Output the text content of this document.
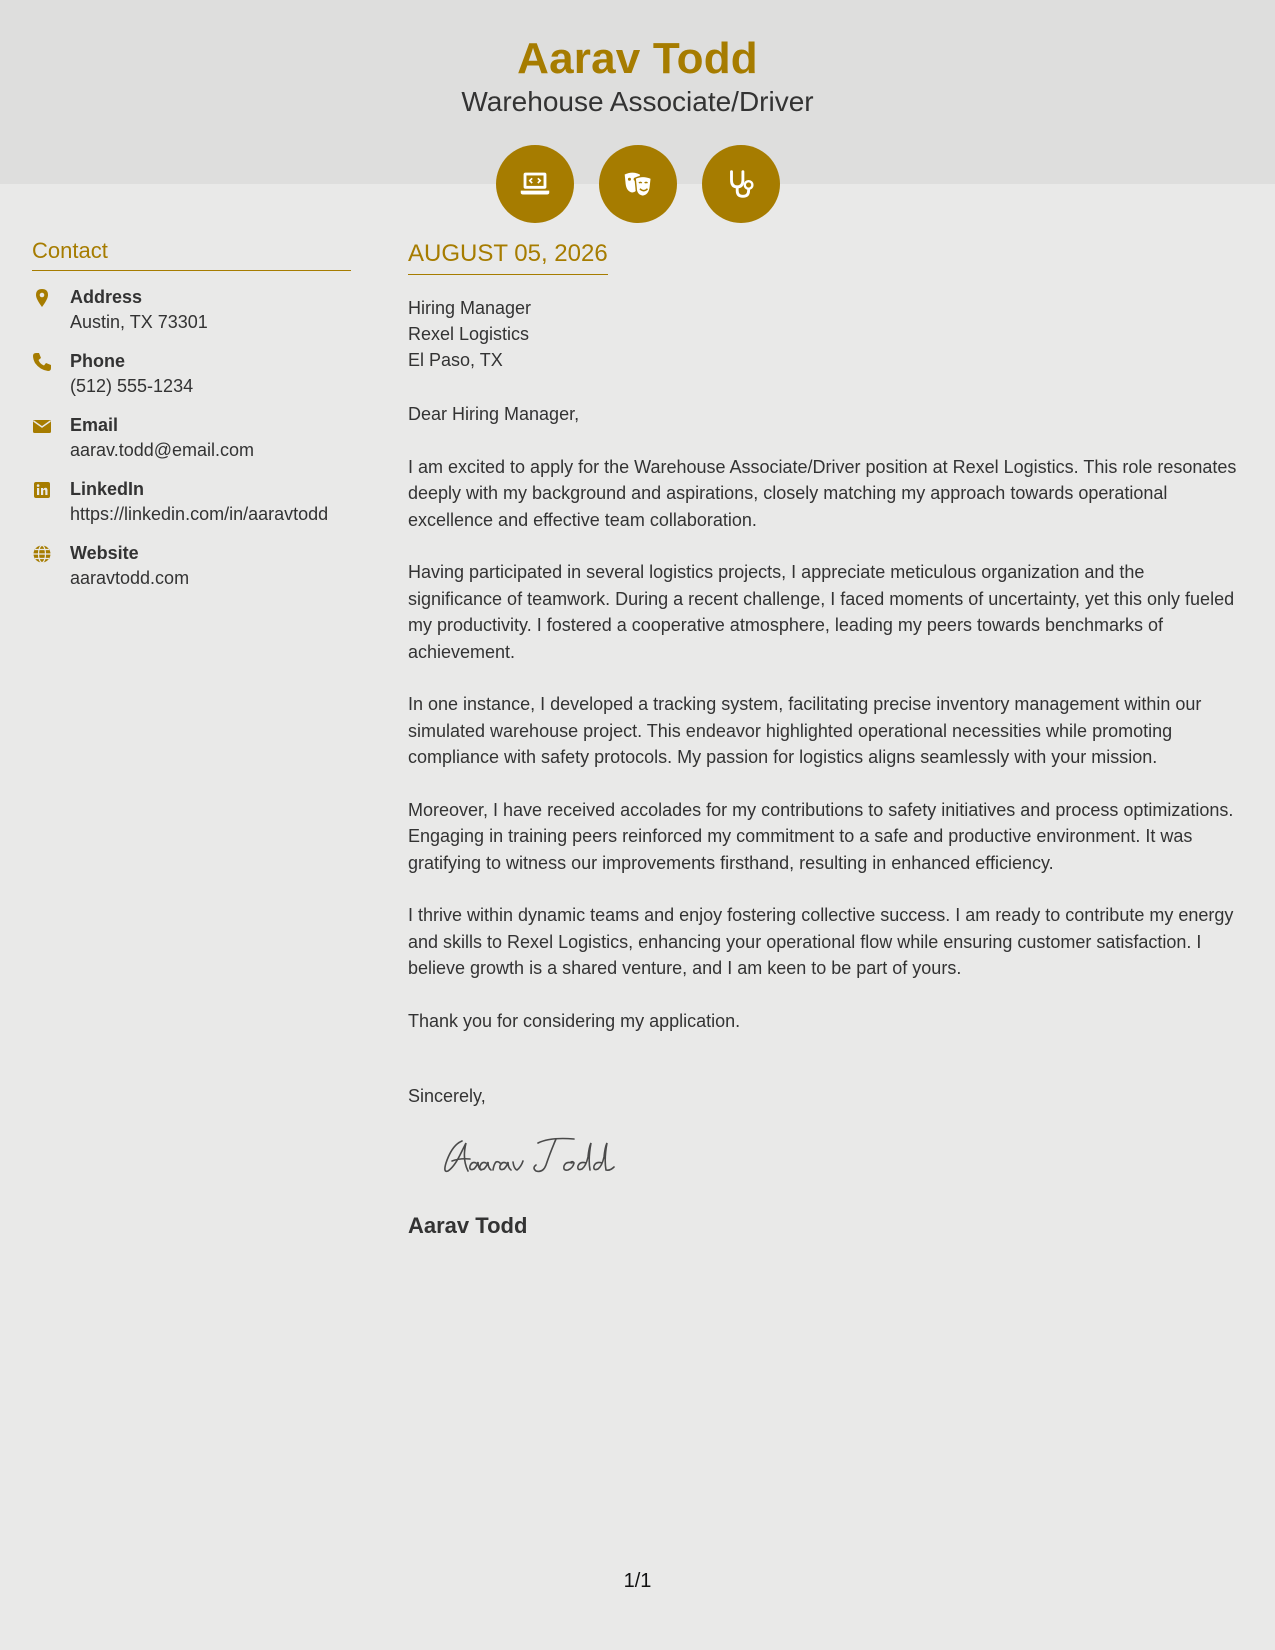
Aarav Todd
Warehouse Associate/Driver
Contact
Address
Austin, TX 73301
Phone
(512) 555-1234
Email
aarav.todd@email.com
LinkedIn
https://linkedin.com/in/aaravtodd
Website
aaravtodd.com
AUGUST 05, 2026

Hiring Manager

Rexel Logistics

El Paso, TX

Dear Hiring Manager,

I am excited to apply for the Warehouse Associate/Driver position at Rexel Logistics. This role resonates deeply with my background and aspirations, closely matching my approach towards operational excellence and effective team collaboration.

Having participated in several logistics projects, I appreciate meticulous organization and the significance of teamwork. During a recent challenge, I faced moments of uncertainty, yet this only fueled my productivity. I fostered a cooperative atmosphere, leading my peers towards benchmarks of achievement.

In one instance, I developed a tracking system, facilitating precise inventory management within our simulated warehouse project. This endeavor highlighted operational necessities while promoting compliance with safety protocols. My passion for logistics aligns seamlessly with your mission.

Moreover, I have received accolades for my contributions to safety initiatives and process optimizations. Engaging in training peers reinforced my commitment to a safe and productive environment. It was gratifying to witness our improvements firsthand, resulting in enhanced efficiency.

I thrive within dynamic teams and enjoy fostering collective success. I am ready to contribute my energy and skills to Rexel Logistics, enhancing your operational flow while ensuring customer satisfaction. I believe growth is a shared venture, and I am keen to be part of yours.

Thank you for considering my application.

Sincerely,

Aarav Todd
1/1
